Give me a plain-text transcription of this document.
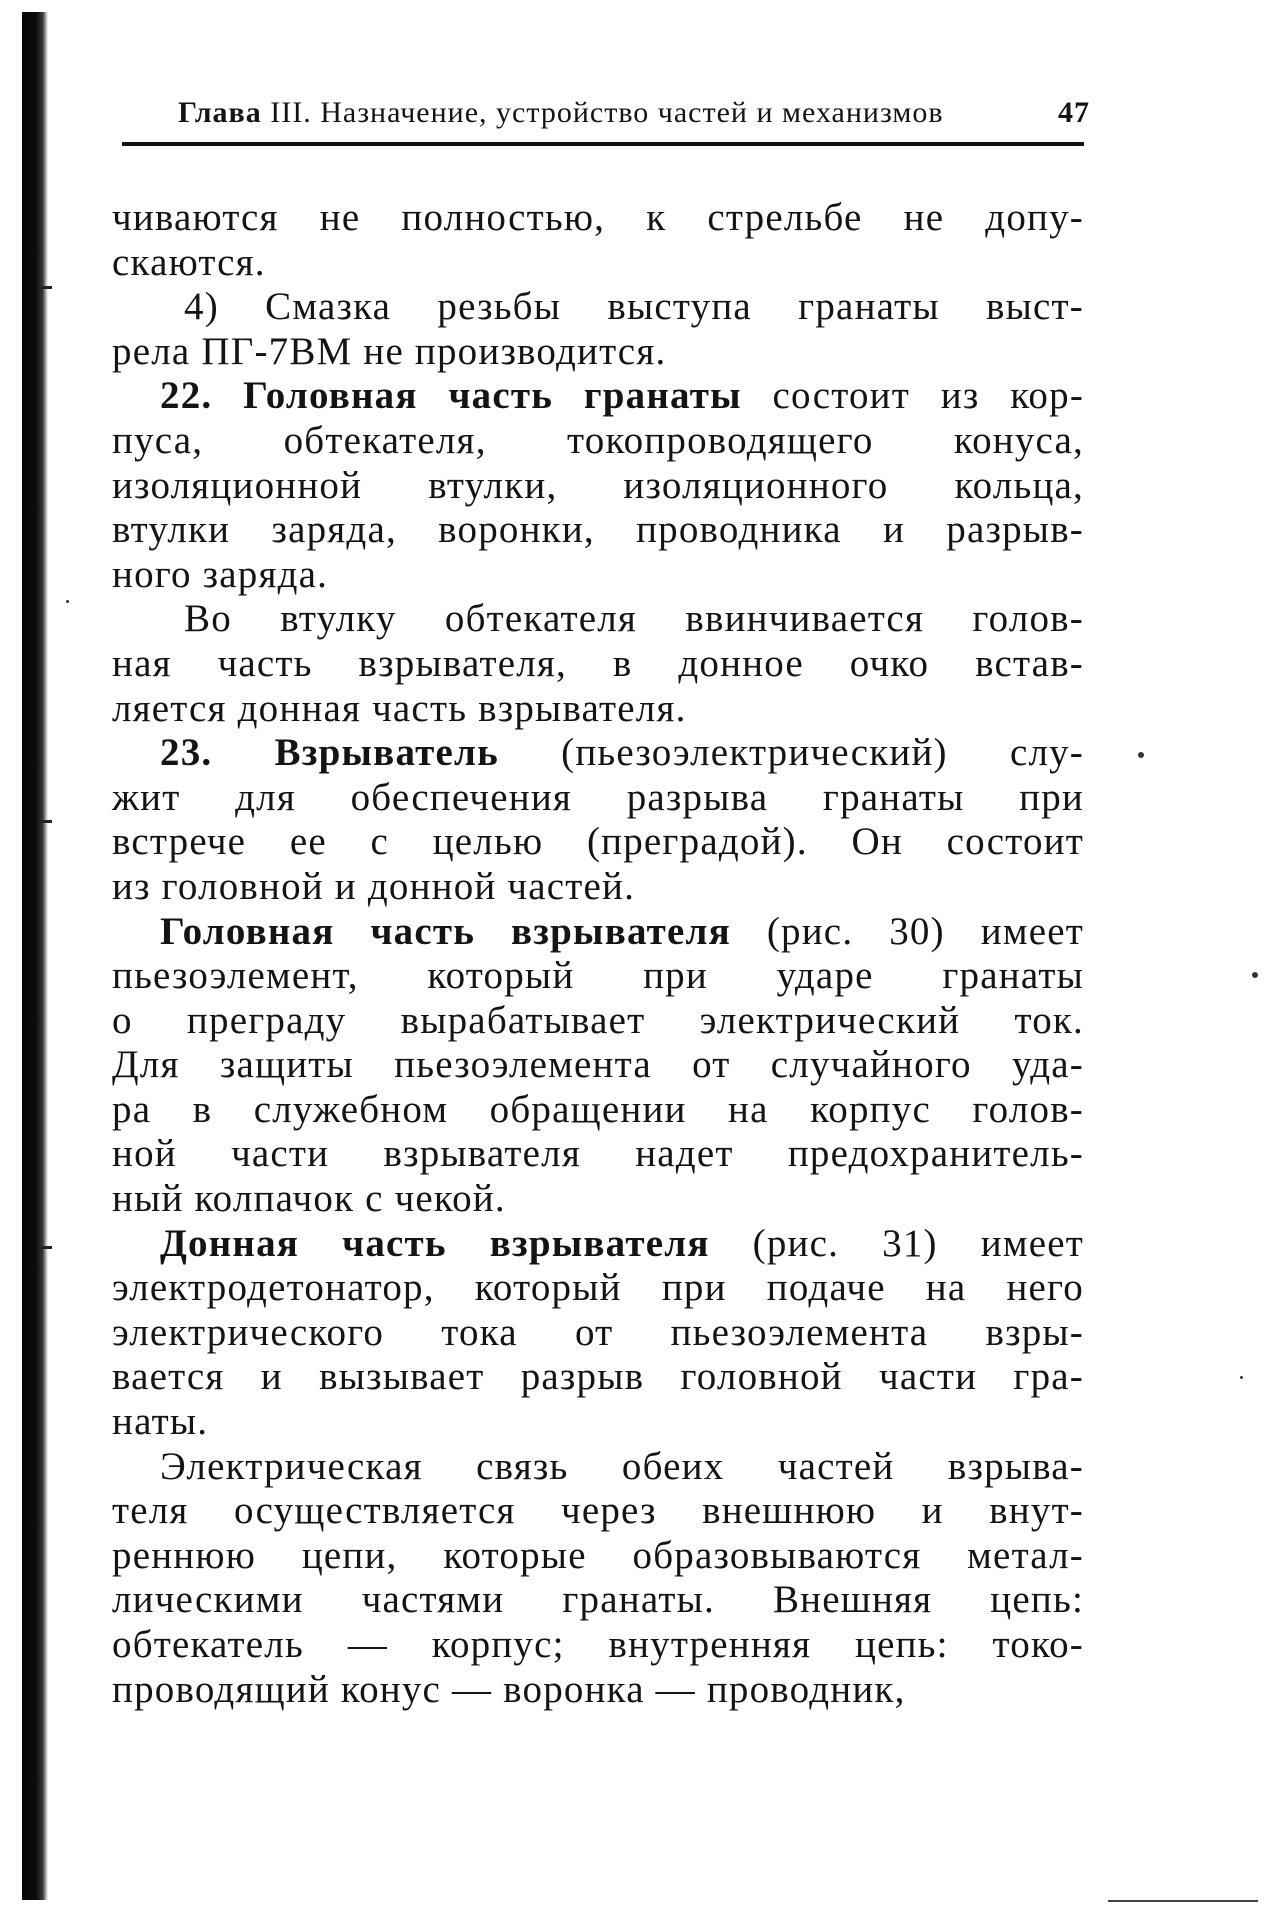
Глава III. Назначение, устройство частей и механизмов	47
чиваются не полностью, к стрельбе не допу-
скаются.
4) Смазка резьбы выступа гранаты выст-
рела ПГ-7ВМ не производится.
22. Головная часть гранаты состоит из кор-
пуса, обтекателя, токопроводящего конуса,
изоляционной втулки, изоляционного кольца,
втулки заряда, воронки, проводника и разрыв-
ного заряда.
Во втулку обтекателя ввинчивается голов-
ная часть взрывателя, в донное очко встав-
ляется донная часть взрывателя.
23. Взрыватель (пьезоэлектрический) слу-
жит для обеспечения разрыва гранаты при
встрече ее с целью (преградой). Он состоит
из головной и донной частей.
Головная часть взрывателя (рис. 30) имеет
пьезоэлемент, который при ударе гранаты
о преграду вырабатывает электрический ток.
Для защиты пьезоэлемента от случайного уда-
ра в служебном обращении на корпус голов-
ной части взрывателя надет предохранитель-
ный колпачок с чекой.
Донная часть взрывателя (рис. 31) имеет
электродетонатор, который при подаче на него
электрического тока от пьезоэлемента взры-
вается и вызывает разрыв головной части гра-
наты.
Электрическая связь обеих частей взрыва-
теля осуществляется через внешнюю и внут-
реннюю цепи, которые образовываются метал-
лическими частями гранаты. Внешняя цепь:
обтекатель — корпус; внутренняя цепь: токо-
проводящий конус — воронка — проводник,
